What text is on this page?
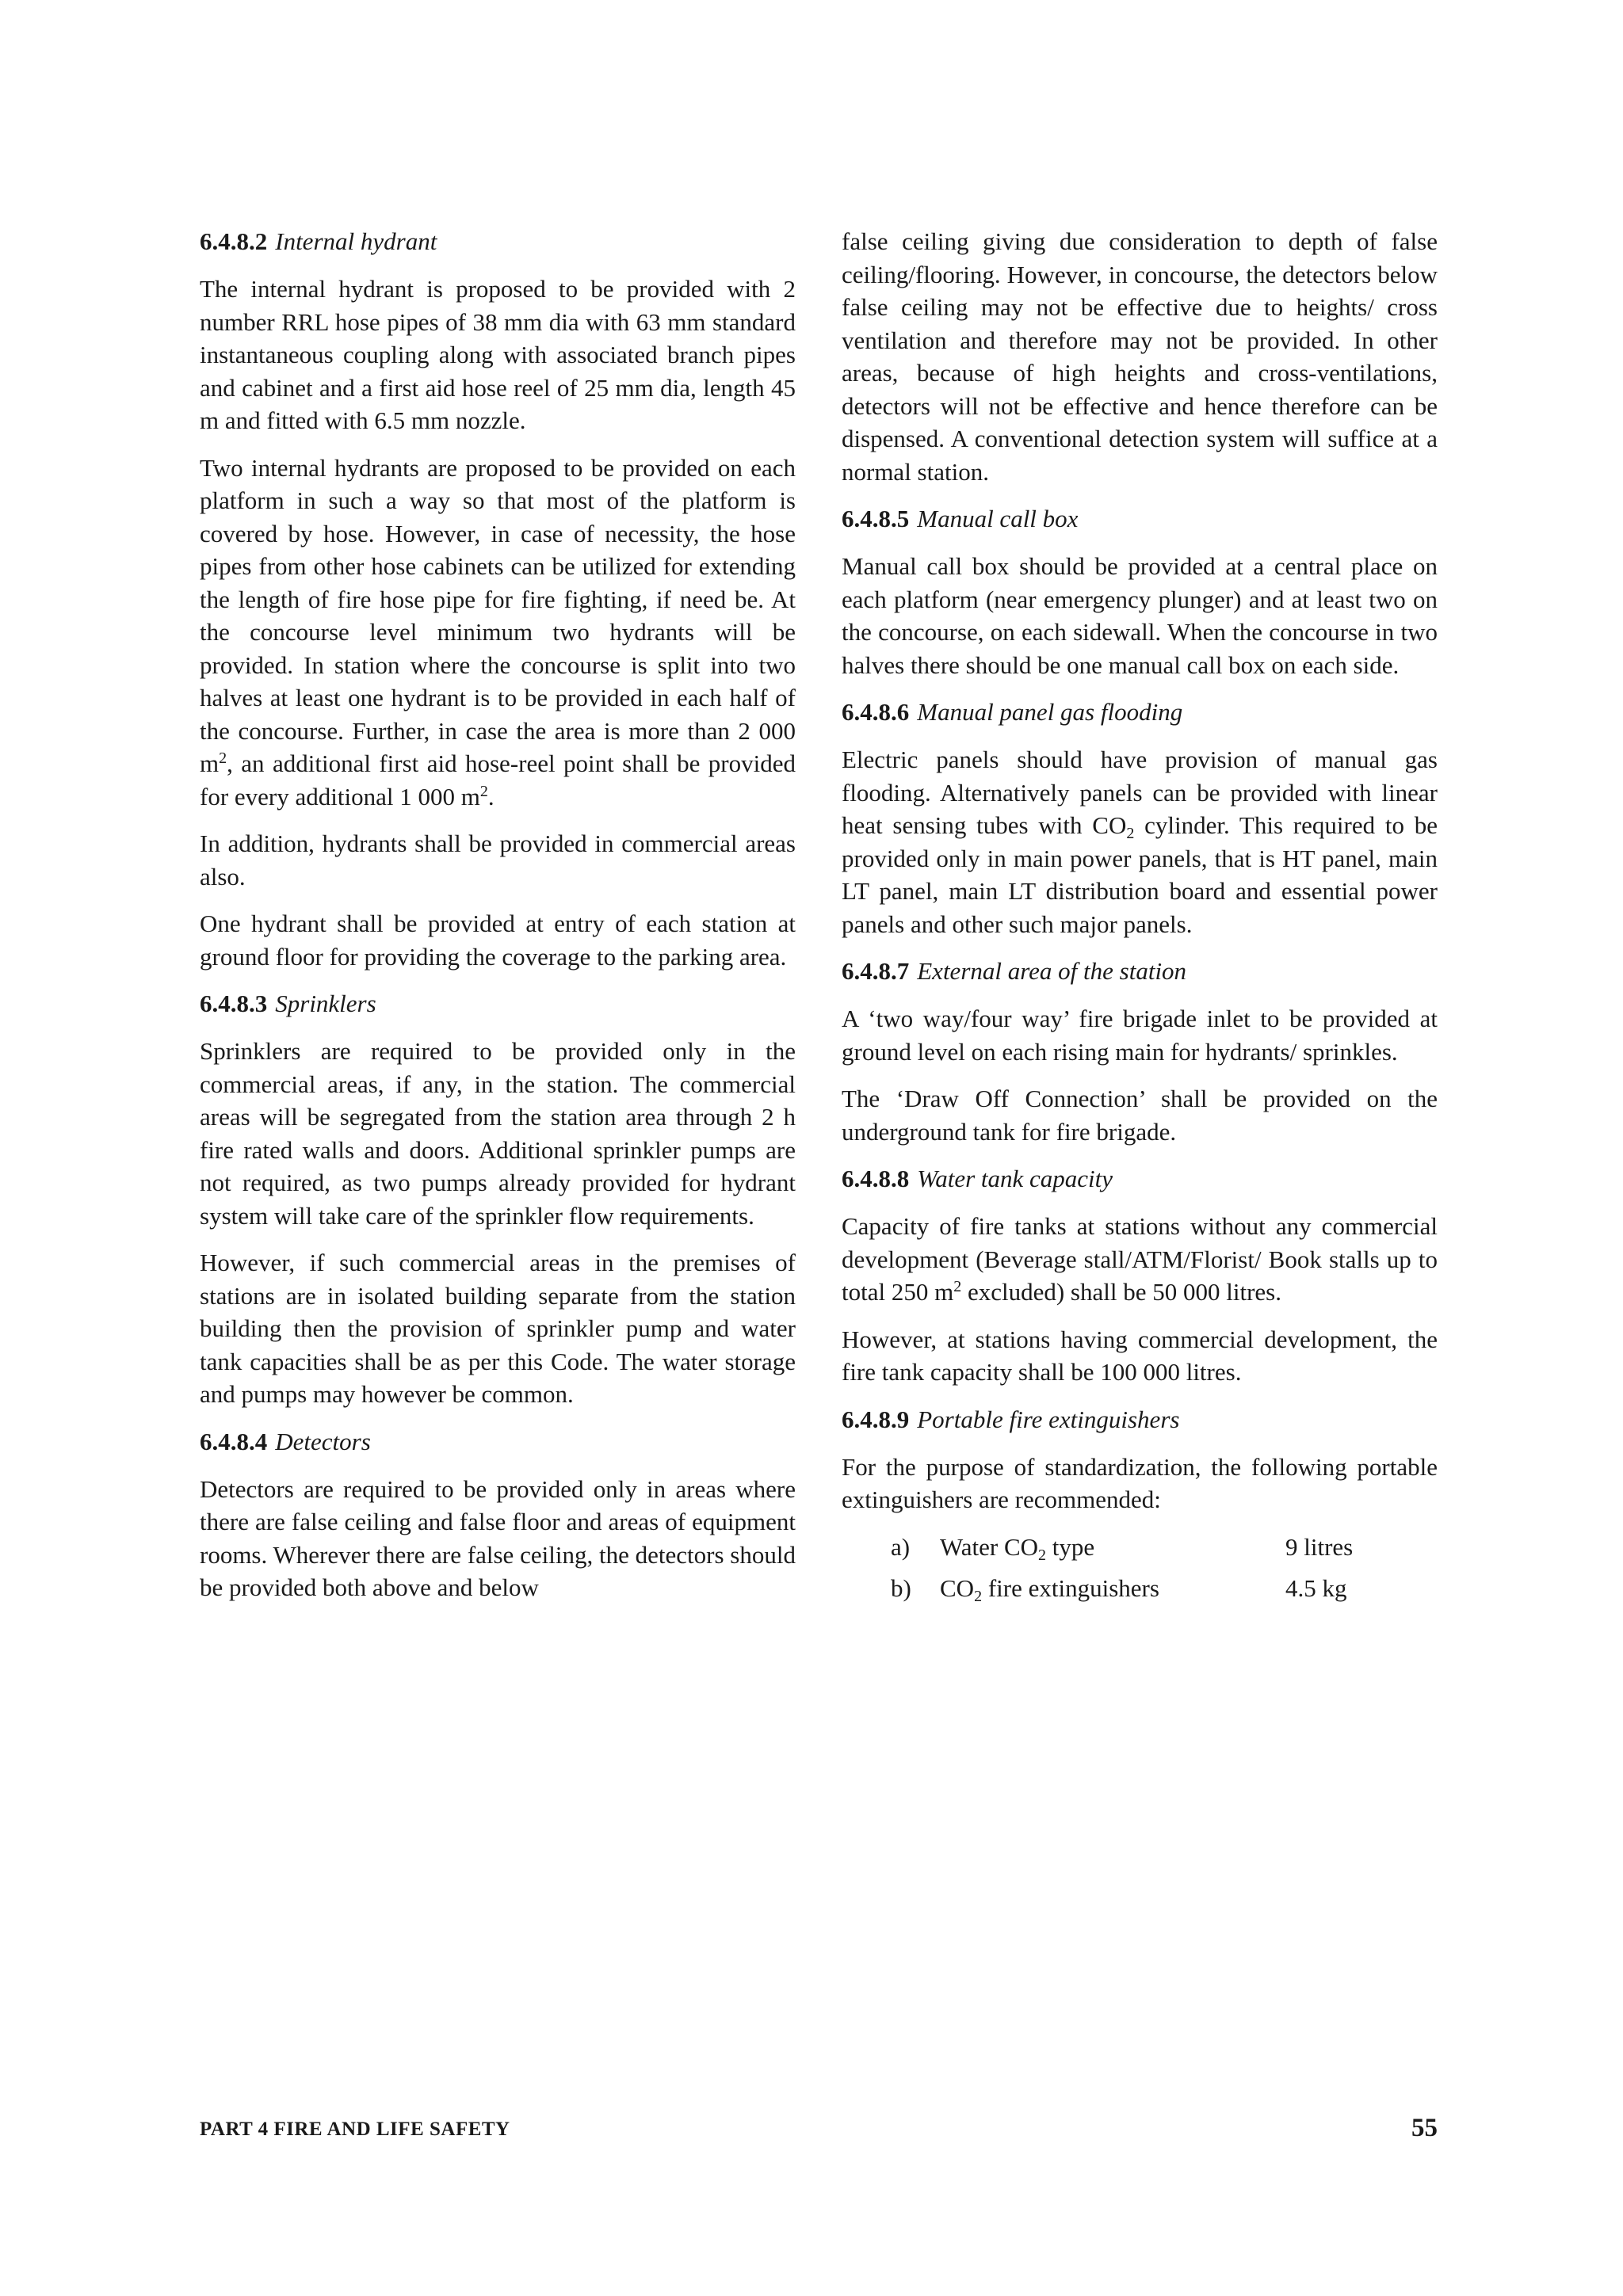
6.4.8.2 Internal hydrant

The internal hydrant is proposed to be provided with 2 number RRL hose pipes of 38 mm dia with 63 mm standard instantaneous coupling along with associated branch pipes and cabinet and a first aid hose reel of 25 mm dia, length 45 m and fitted with 6.5 mm nozzle.

Two internal hydrants are proposed to be provided on each platform in such a way so that most of the platform is covered by hose. However, in case of necessity, the hose pipes from other hose cabinets can be utilized for extending the length of fire hose pipe for fire fighting, if need be. At the concourse level minimum two hydrants will be provided. In station where the concourse is split into two halves at least one hydrant is to be provided in each half of the concourse. Further, in case the area is more than 2 000 $m^2$, an additional first aid hose-reel point shall be provided for every additional 1 000 $m^2$.

In addition, hydrants shall be provided in commercial areas also.

One hydrant shall be provided at entry of each station at ground floor for providing the coverage to the parking area.

6.4.8.3 Sprinklers

Sprinklers are required to be provided only in the commercial areas, if any, in the station. The commercial areas will be segregated from the station area through 2 h fire rated walls and doors. Additional sprinkler pumps are not required, as two pumps already provided for hydrant system will take care of the sprinkler flow requirements.

However, if such commercial areas in the premises of stations are in isolated building separate from the station building then the provision of sprinkler pump and water tank capacities shall be as per this Code. The water storage and pumps may however be common.

6.4.8.4 Detectors

Detectors are required to be provided only in areas where there are false ceiling and false floor and areas of equipment rooms. Wherever there are false ceiling, the detectors should be provided both above and below

false ceiling giving due consideration to depth of false ceiling/flooring. However, in concourse, the detectors below false ceiling may not be effective due to heights/ cross ventilation and therefore may not be provided. In other areas, because of high heights and cross-ventilations, detectors will not be effective and hence therefore can be dispensed. A conventional detection system will suffice at a normal station.

6.4.8.5 Manual call box

Manual call box should be provided at a central place on each platform (near emergency plunger) and at least two on the concourse, on each sidewall. When the concourse in two halves there should be one manual call box on each side.

6.4.8.6 Manual panel gas flooding

Electric panels should have provision of manual gas flooding. Alternatively panels can be provided with linear heat sensing tubes with $CO_2$ cylinder. This required to be provided only in main power panels, that is HT panel, main LT panel, main LT distribution board and essential power panels and other such major panels.

6.4.8.7 External area of the station

A ‘two way/four way’ fire brigade inlet to be provided at ground level on each rising main for hydrants/ sprinkles.

The ‘Draw Off Connection’ shall be provided on the underground tank for fire brigade.

6.4.8.8 Water tank capacity

Capacity of fire tanks at stations without any commercial development (Beverage stall/ATM/Florist/ Book stalls up to total 250 $m^2$ excluded) shall be 50 000 litres.

However, at stations having commercial development, the fire tank capacity shall be 100 000 litres.

6.4.8.9 Portable fire extinguishers

For the purpose of standardization, the following portable extinguishers are recommended:

a) Water $CO_2$ type	9 litres
b) $CO_2$ fire extinguishers	4.5 kg
PART 4 FIRE AND LIFE SAFETY	55
